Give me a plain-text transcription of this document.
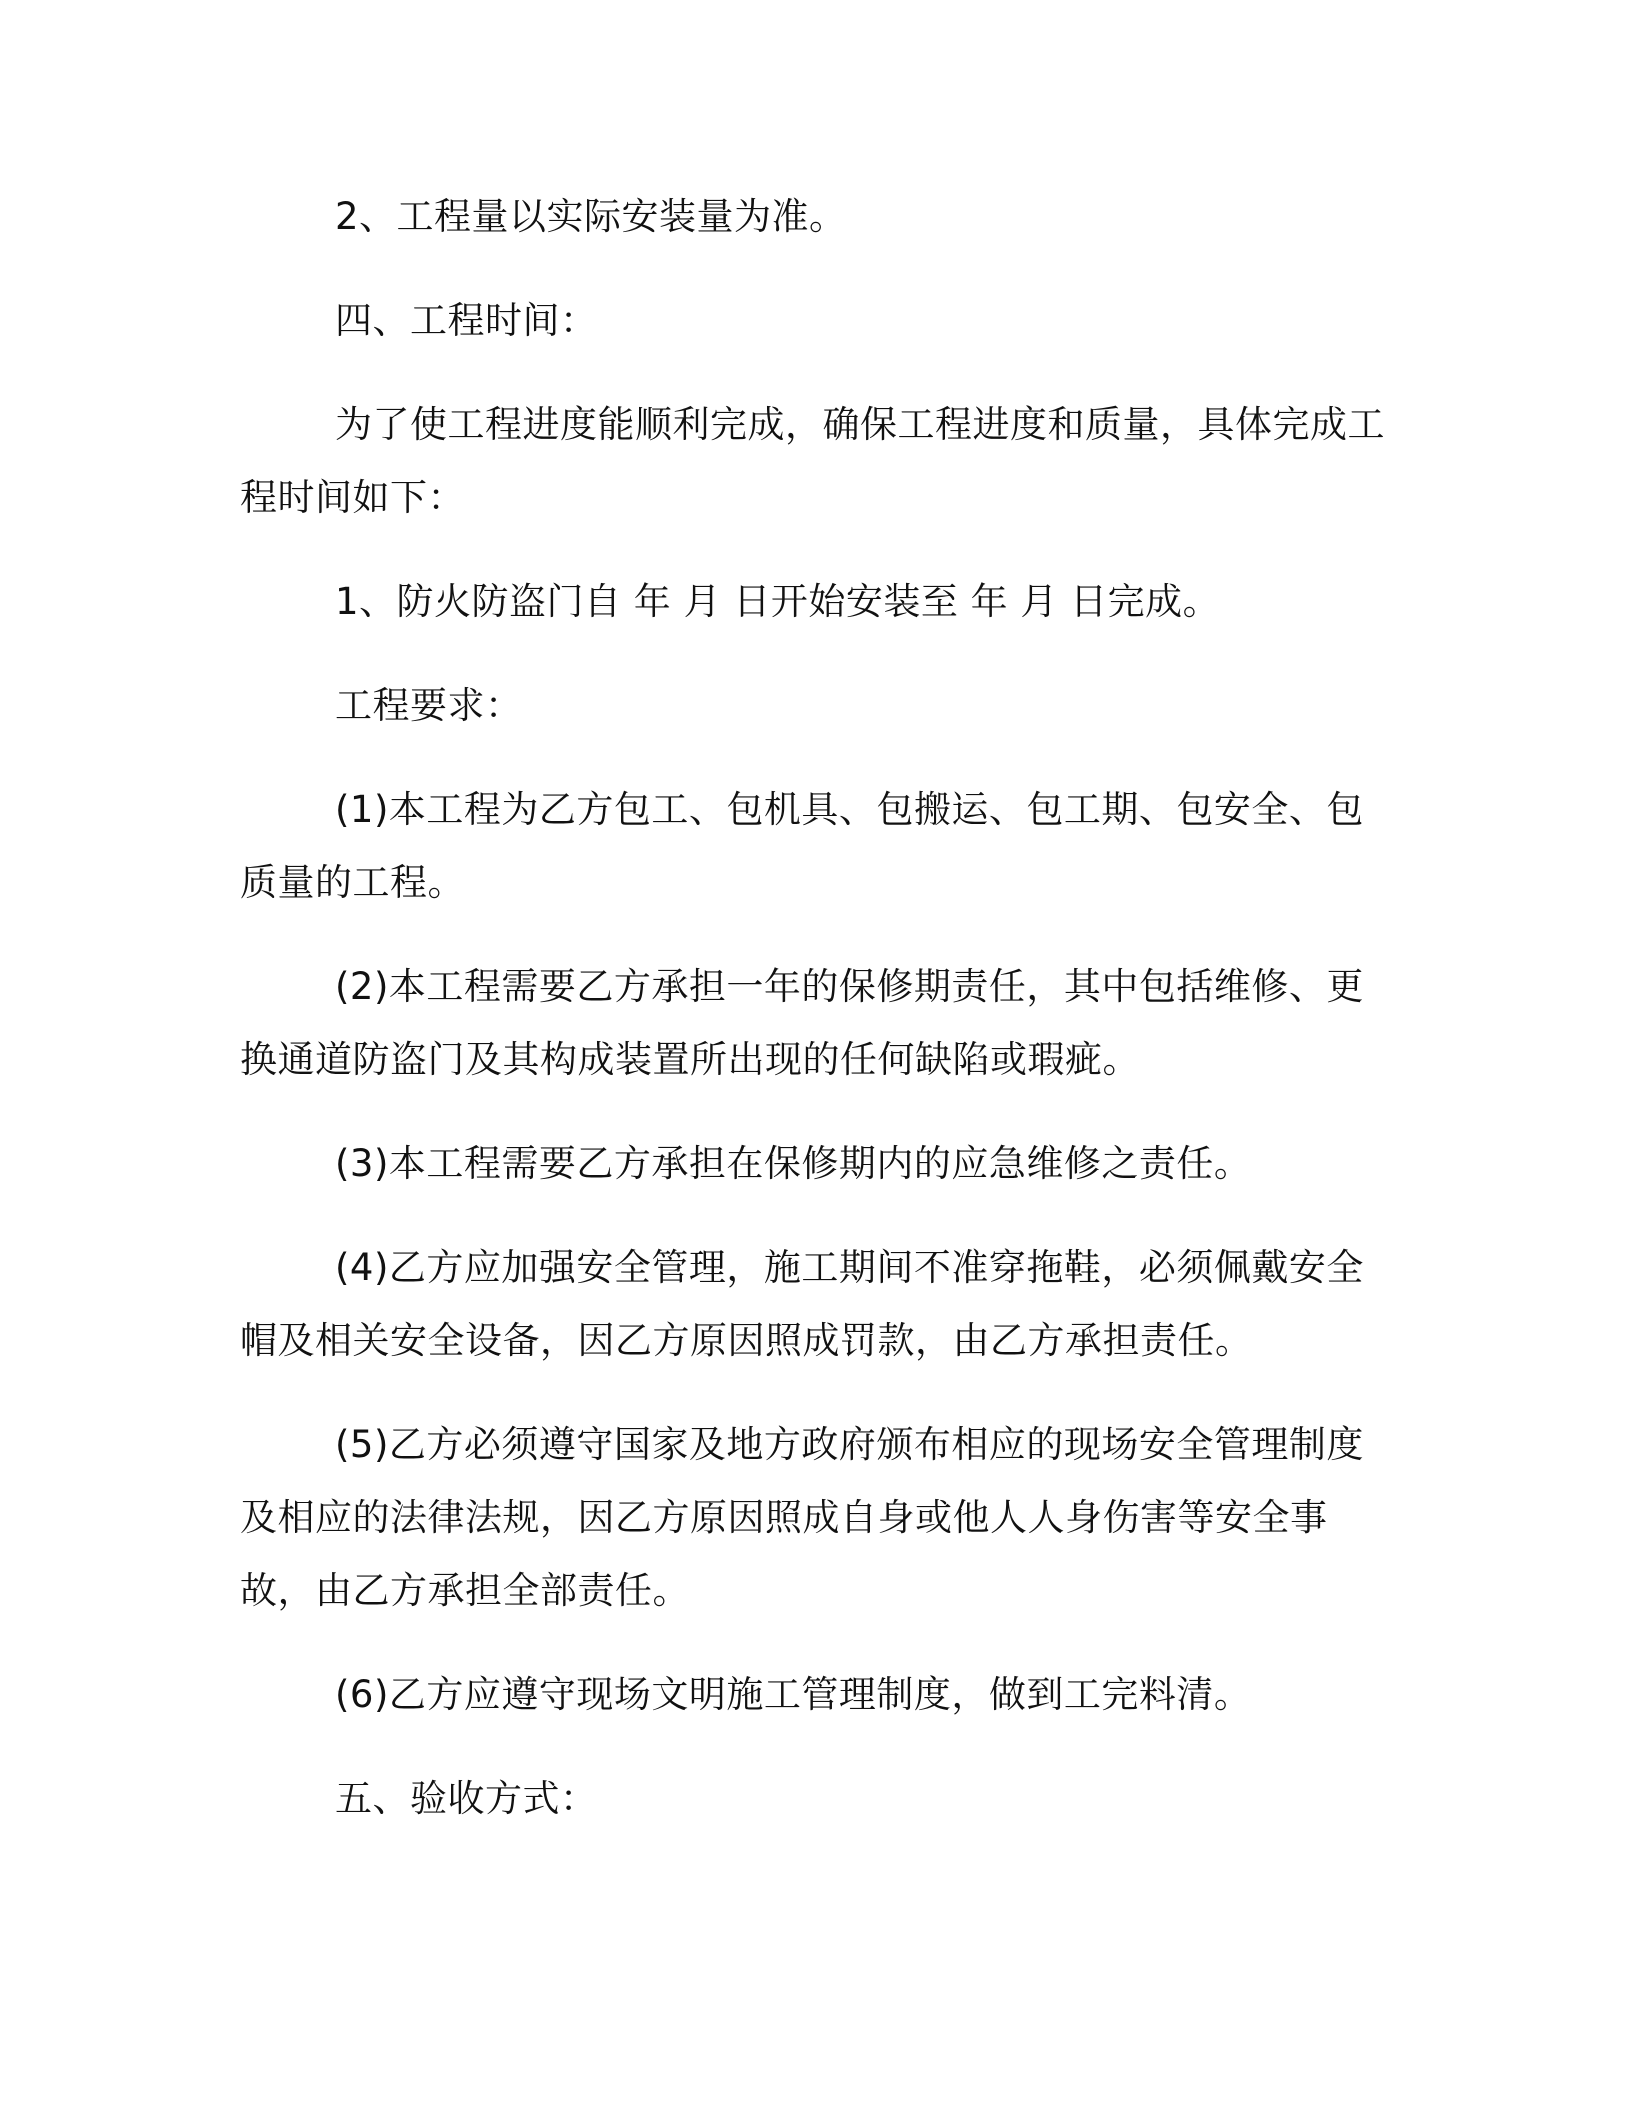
2、工程量以实际安装量为准。

四、工程时间：

为了使工程进度能顺利完成，确保工程进度和质量，具体完成工程时间如下：

1、防火防盗门自 年 月 日开始安装至 年 月 日完成。

工程要求：

(1)本工程为乙方包工、包机具、包搬运、包工期、包安全、包质量的工程。

(2)本工程需要乙方承担一年的保修期责任，其中包括维修、更换通道防盗门及其构成装置所出现的任何缺陷或瑕疵。

(3)本工程需要乙方承担在保修期内的应急维修之责任。

(4)乙方应加强安全管理，施工期间不准穿拖鞋，必须佩戴安全帽及相关安全设备，因乙方原因照成罚款，由乙方承担责任。

(5)乙方必须遵守国家及地方政府颁布相应的现场安全管理制度及相应的法律法规，因乙方原因照成自身或他人人身伤害等安全事故，由乙方承担全部责任。

(6)乙方应遵守现场文明施工管理制度，做到工完料清。

五、验收方式：
